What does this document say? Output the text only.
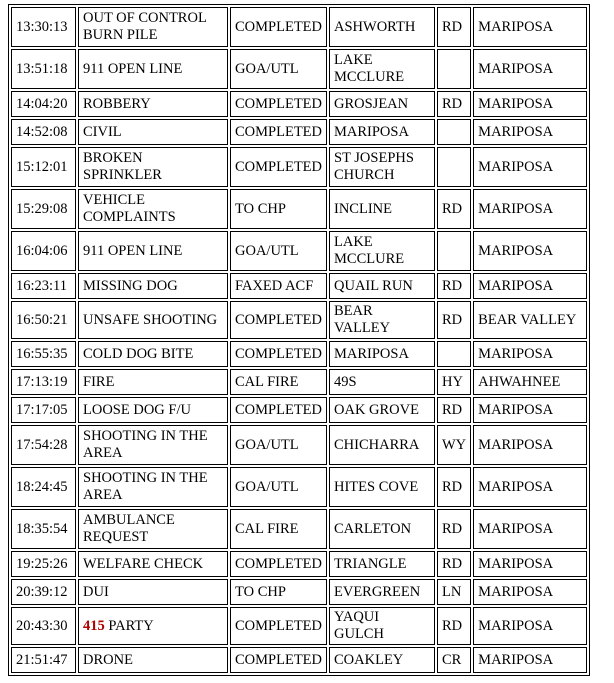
13:30:13	OUT OF CONTROL BURN PILE	COMPLETED	ASHWORTH	RD	MARIPOSA
13:51:18	911 OPEN LINE	GOA/UTL	LAKE MCCLURE		MARIPOSA
14:04:20	ROBBERY	COMPLETED	GROSJEAN	RD	MARIPOSA
14:52:08	CIVIL	COMPLETED	MARIPOSA		MARIPOSA
15:12:01	BROKEN SPRINKLER	COMPLETED	ST JOSEPHS CHURCH		MARIPOSA
15:29:08	VEHICLE COMPLAINTS	TO CHP	INCLINE	RD	MARIPOSA
16:04:06	911 OPEN LINE	GOA/UTL	LAKE MCCLURE		MARIPOSA
16:23:11	MISSING DOG	FAXED ACF	QUAIL RUN	RD	MARIPOSA
16:50:21	UNSAFE SHOOTING	COMPLETED	BEAR VALLEY	RD	BEAR VALLEY
16:55:35	COLD DOG BITE	COMPLETED	MARIPOSA		MARIPOSA
17:13:19	FIRE	CAL FIRE	49S	HY	AHWAHNEE
17:17:05	LOOSE DOG F/U	COMPLETED	OAK GROVE	RD	MARIPOSA
17:54:28	SHOOTING IN THE AREA	GOA/UTL	CHICHARRA	WY	MARIPOSA
18:24:45	SHOOTING IN THE AREA	GOA/UTL	HITES COVE	RD	MARIPOSA
18:35:54	AMBULANCE REQUEST	CAL FIRE	CARLETON	RD	MARIPOSA
19:25:26	WELFARE CHECK	COMPLETED	TRIANGLE	RD	MARIPOSA
20:39:12	DUI	TO CHP	EVERGREEN	LN	MARIPOSA
20:43:30	415 PARTY	COMPLETED	YAQUI GULCH	RD	MARIPOSA
21:51:47	DRONE	COMPLETED	COAKLEY	CR	MARIPOSA
